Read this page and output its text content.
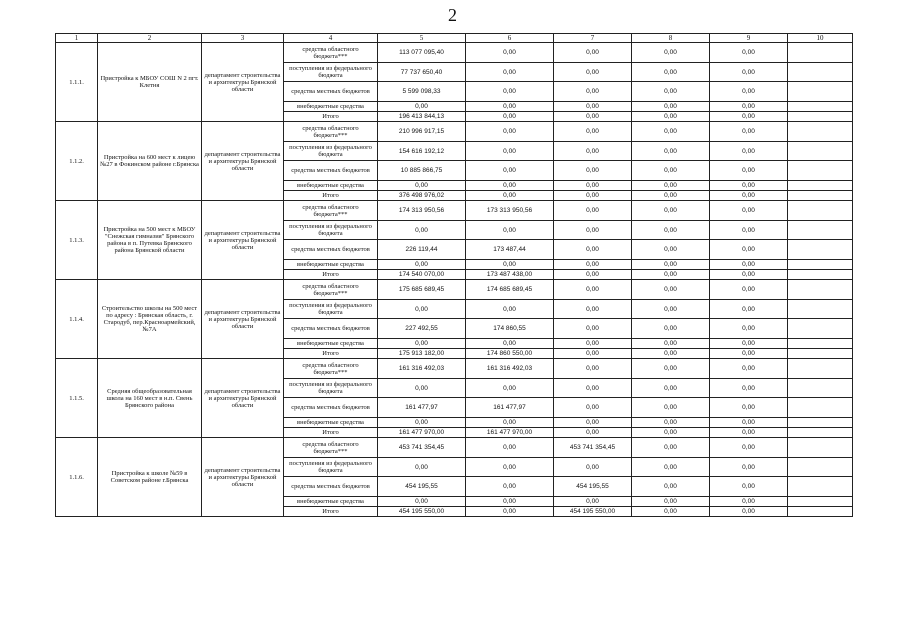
2
1	2	3	4	5	6	7	8	9	10
1.1.1.	Пристройка к МБОУ СОШ N 2 пгт. Клетня	департамент строительства и архитектуры Брянской области	средства областного бюджета***	113 077 095,40	0,00	0,00	0,00	0,00	
			поступления из федерального бюджета	77 737 650,40	0,00	0,00	0,00	0,00	
			средства местных бюджетов	5 599 098,33	0,00	0,00	0,00	0,00	
			внебюджетные средства	0,00	0,00	0,00	0,00	0,00	
			Итого	196 413 844,13	0,00	0,00	0,00	0,00	
1.1.2.	Пристройка на 600 мест к лицею №27 в Фокинском районе г.Брянска	департамент строительства и архитектуры Брянской области	средства областного бюджета***	210 996 917,15	0,00	0,00	0,00	0,00	
			поступления из федерального бюджета	154 616 192,12	0,00	0,00	0,00	0,00	
			средства местных бюджетов	10 885 866,75	0,00	0,00	0,00	0,00	
			внебюджетные средства	0,00	0,00	0,00	0,00	0,00	
			Итого	376 498 976,02	0,00	0,00	0,00	0,00	
1.1.3.	Пристройка на 500 мест к МБОУ "Снежская гимназия" Брянского района в п. Путевка Брянского района Брянской области	департамент строительства и архитектуры Брянской области	средства областного бюджета***	174 313 950,56	173 313 950,56	0,00	0,00	0,00	
			поступления из федерального бюджета	0,00	0,00	0,00	0,00	0,00	
			средства местных бюджетов	226 119,44	173 487,44	0,00	0,00	0,00	
			внебюджетные средства	0,00	0,00	0,00	0,00	0,00	
			Итого	174 540 070,00	173 487 438,00	0,00	0,00	0,00	
1.1.4.	Строительство школы на 500 мест по адресу : Брянская область, г. Стародуб, пер.Красноармейский,№7А	департамент строительства и архитектуры Брянской области	средства областного бюджета***	175 685 689,45	174 685 689,45	0,00	0,00	0,00	
			поступления из федерального бюджета	0,00	0,00	0,00	0,00	0,00	
			средства местных бюджетов	227 492,55	174 860,55	0,00	0,00	0,00	
			внебюджетные средства	0,00	0,00	0,00	0,00	0,00	
			Итого	175 913 182,00	174 860 550,00	0,00	0,00	0,00	
1.1.5.	Средняя общеобразовательная школа на 160 мест в н.п. Свень Брянского района	департамент строительства и архитектуры Брянской области	средства областного бюджета***	161 316 492,03	161 316 492,03	0,00	0,00	0,00	
			поступления из федерального бюджета	0,00	0,00	0,00	0,00	0,00	
			средства местных бюджетов	161 477,97	161 477,97	0,00	0,00	0,00	
			внебюджетные средства	0,00	0,00	0,00	0,00	0,00	
			Итого	161 477 970,00	161 477 970,00	0,00	0,00	0,00	
1.1.6.	Пристройка к школе №59 в Советском районе г.Брянска	департамент строительства и архитектуры Брянской области	средства областного бюджета***	453 741 354,45	0,00	453 741 354,45	0,00	0,00	
			поступления из федерального бюджета	0,00	0,00	0,00	0,00	0,00	
			средства местных бюджетов	454 195,55	0,00	454 195,55	0,00	0,00	
			внебюджетные средства	0,00	0,00	0,00	0,00	0,00	
			Итого	454 195 550,00	0,00	454 195 550,00	0,00	0,00	
